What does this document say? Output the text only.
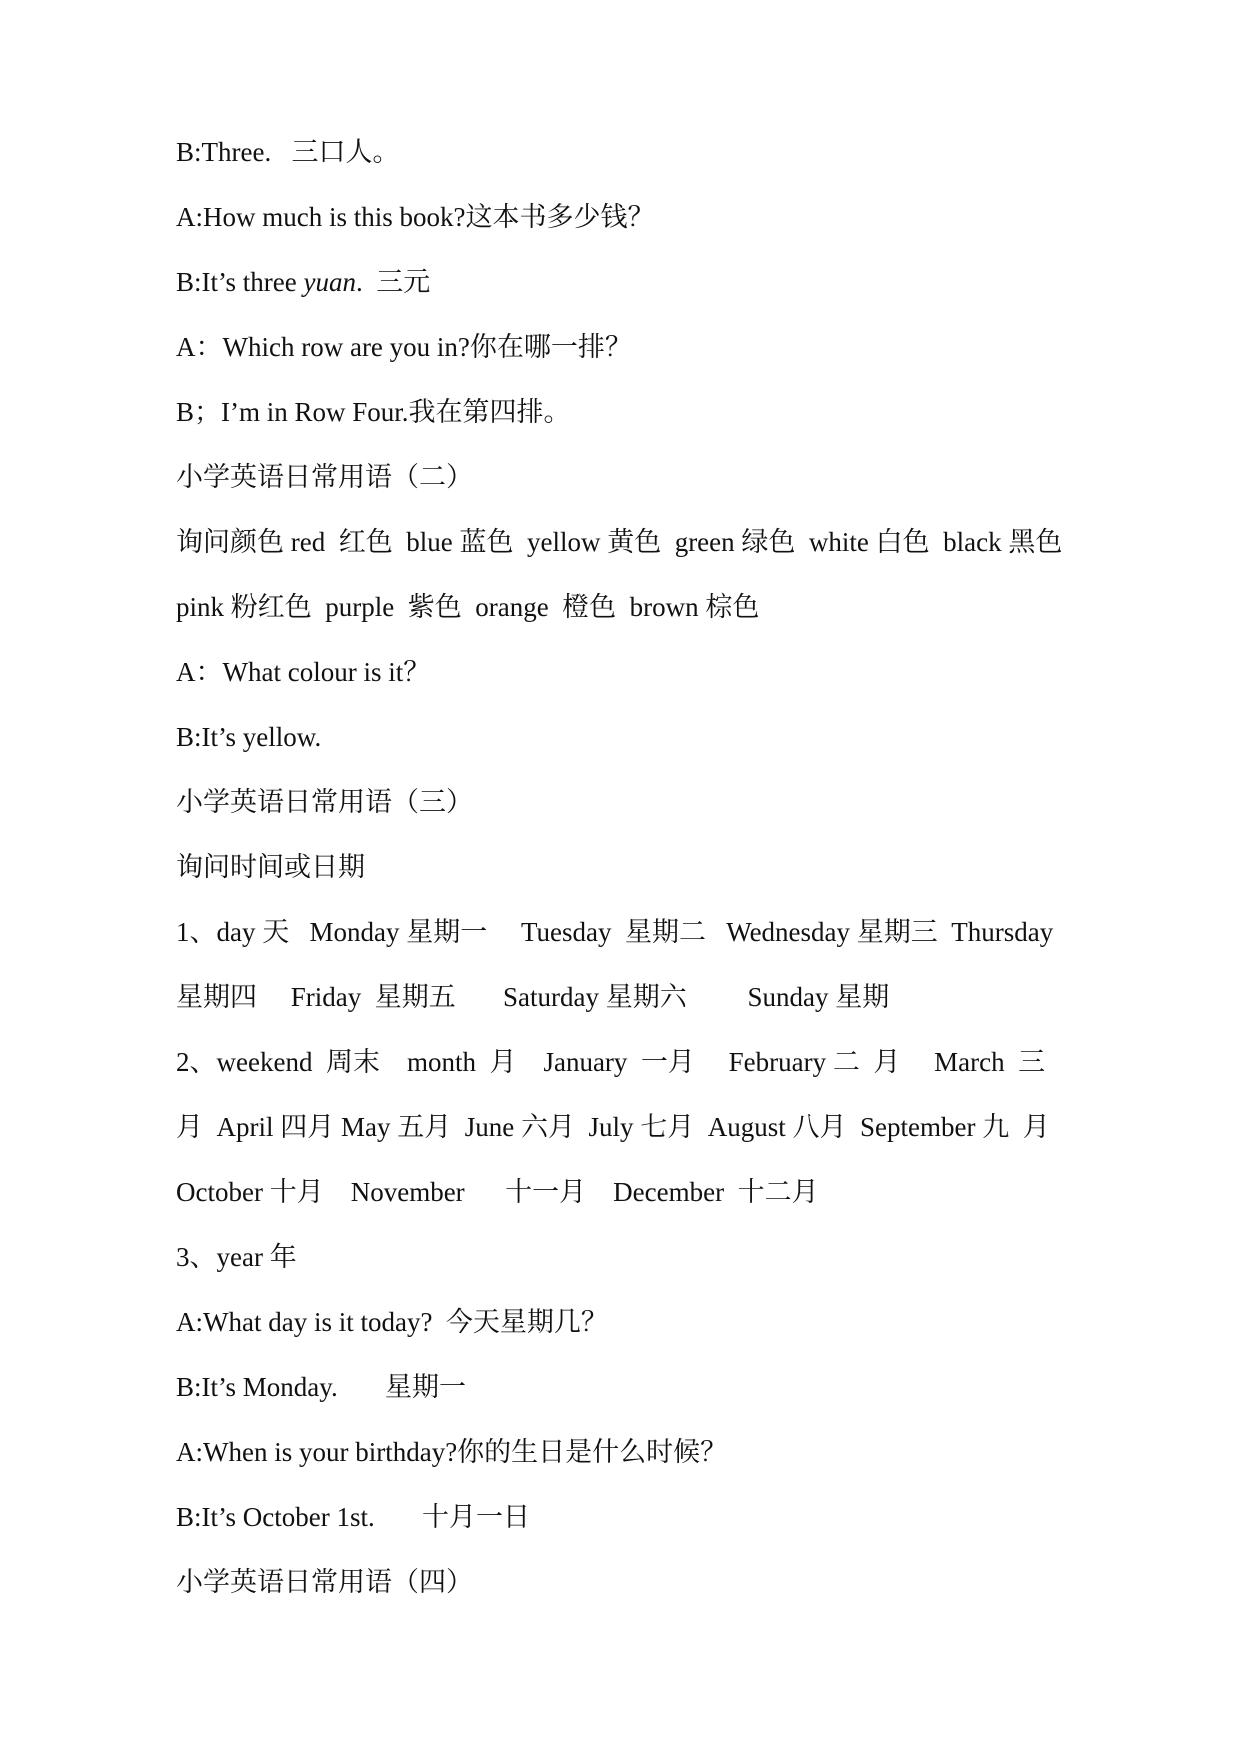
B:Three.   三口人。
A:How much is this book?这本书多少钱？
B:It’s three yuan.  三元
A：Which row are you in?你在哪一排？
B；I’m in Row Four.我在第四排。
小学英语日常用语（二）
询问颜色 red  红色  blue 蓝色  yellow 黄色  green 绿色  white 白色  black 黑色
pink 粉红色  purple  紫色  orange  橙色  brown 棕色
A：What colour is it？
B:It’s yellow.
小学英语日常用语（三）
询问时间或日期
1、day 天   Monday 星期一     Tuesday  星期二   Wednesday 星期三  Thursday
星期四     Friday  星期五       Saturday 星期六         Sunday 星期
2、weekend  周末    month  月    January  一月     February 二  月     March  三
月  April 四月 May 五月  June 六月  July 七月  August 八月  September 九  月
October 十月    November      十一月    December  十二月
3、year 年
A:What day is it today?  今天星期几？
B:It’s Monday.       星期一
A:When is your birthday?你的生日是什么时候？
B:It’s October 1st.       十月一日
小学英语日常用语（四）
